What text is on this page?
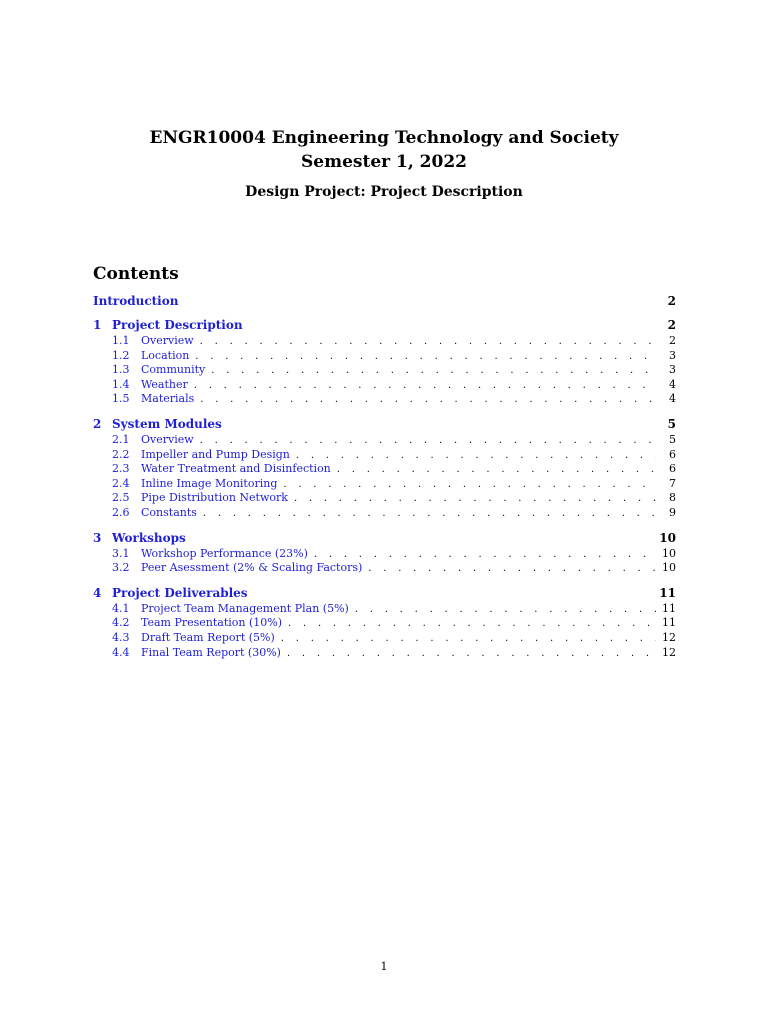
ENGR10004 Engineering Technology and Society

Semester 1, 2022

Design Project: Project Description
Contents
Introduction	2
1 Project Description	2
1.1	Overview . . .	2
1.2	Location . . .	3
1.3	Community . . .	3
1.4	Weather . . .	4
1.5	Materials . . .	4
2 System Modules	5
2.1	Overview . . .	5
2.2	Impeller and Pump Design . . .	6
2.3	Water Treatment and Disinfection . . .	6
2.4	Inline Image Monitoring . . .	7
2.5	Pipe Distribution Network . . .	8
2.6	Constants . . .	9
3 Workshops	10
3.1	Workshop Performance (23%) . . .	10
3.2	Peer Asessment (2% & Scaling Factors) . . .	10
4 Project Deliverables	11
4.1	Project Team Management Plan (5%) . . .	11
4.2	Team Presentation (10%) . . .	11
4.3	Draft Team Report (5%) . . .	12
4.4	Final Team Report (30%) . . .	12
1
